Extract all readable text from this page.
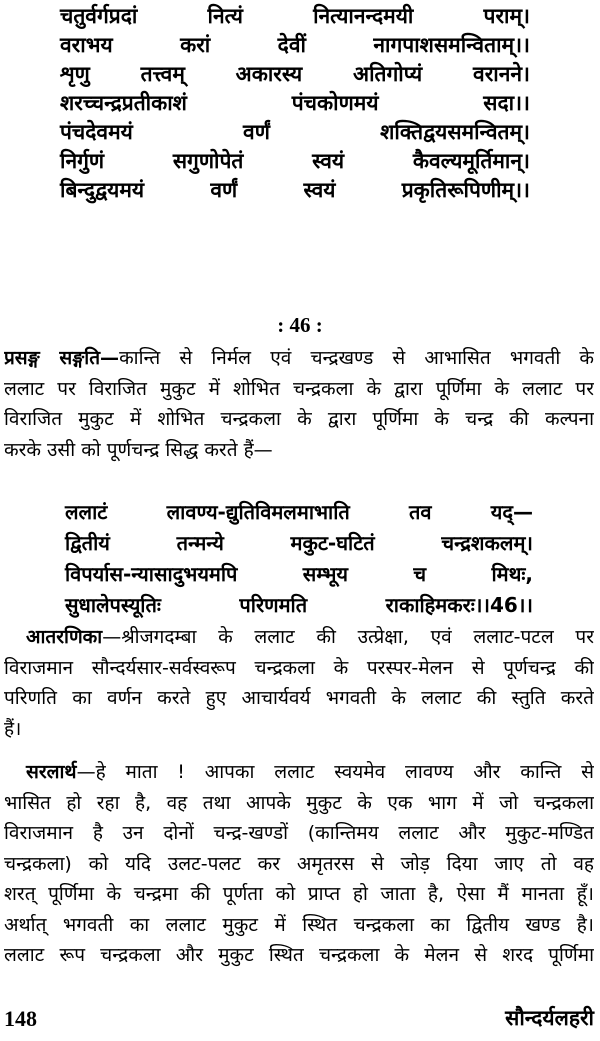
चतुर्वर्गप्रदां नित्यं नित्यानन्दमयी पराम्।
वराभय करां देवीं नागपाशसमन्विताम्।।
शृणु तत्त्वम् अकारस्य अतिगोप्यं वरानने।
शरच्चन्द्रप्रतीकाशं पंचकोणमयं सदा।।
पंचदेवमयं वर्णं शक्तिद्वयसमन्वितम्।
निर्गुणं सगुणोपेतं स्वयं कैवल्यमूर्तिमान्।
बिन्दुद्वयमयं वर्णं स्वयं प्रकृतिरूपिणीम्।।
: 46 :
प्रसङ्ग सङ्गति—कान्ति से निर्मल एवं चन्द्रखण्ड से आभासित भगवती के
ललाट पर विराजित मुकुट में शोभित चन्द्रकला के द्वारा पूर्णिमा के ललाट पर
विराजित मुकुट में शोभित चन्द्रकला के द्वारा पूर्णिमा के चन्द्र की कल्पना
करके उसी को पूर्णचन्द्र सिद्ध करते हैं—
ललाटं लावण्य-द्युतिविमलमाभाति तव यद्—
द्वितीयं तन्मन्ये मकुट-घटितं चन्द्रशकलम्।
विपर्यास-न्यासादुभयमपि सम्भूय च मिथः,
सुधालेपस्यूतिः परिणमति राकाहिमकरः।।46।।
आतरणिका—श्रीजगदम्बा के ललाट की उत्प्रेक्षा, एवं ललाट-पटल पर
विराजमान सौन्दर्यसार-सर्वस्वरूप चन्द्रकला के परस्पर-मेलन से पूर्णचन्द्र की
परिणति का वर्णन करते हुए आचार्यवर्य भगवती के ललाट की स्तुति करते
हैं।
सरलार्थ—हे माता ! आपका ललाट स्वयमेव लावण्य और कान्ति से
भासित हो रहा है, वह तथा आपके मुकुट के एक भाग में जो चन्द्रकला
विराजमान है उन दोनों चन्द्र-खण्डों (कान्तिमय ललाट और मुकुट-मण्डित
चन्द्रकला) को यदि उलट-पलट कर अमृतरस से जोड़ दिया जाए तो वह
शरत् पूर्णिमा के चन्द्रमा की पूर्णता को प्राप्त हो जाता है, ऐसा मैं मानता हूँ।
अर्थात् भगवती का ललाट मुकुट में स्थित चन्द्रकला का द्वितीय खण्ड है।
ललाट रूप चन्द्रकला और मुकुट स्थित चन्द्रकला के मेलन से शरद पूर्णिमा
148	सौन्दर्यलहरी
